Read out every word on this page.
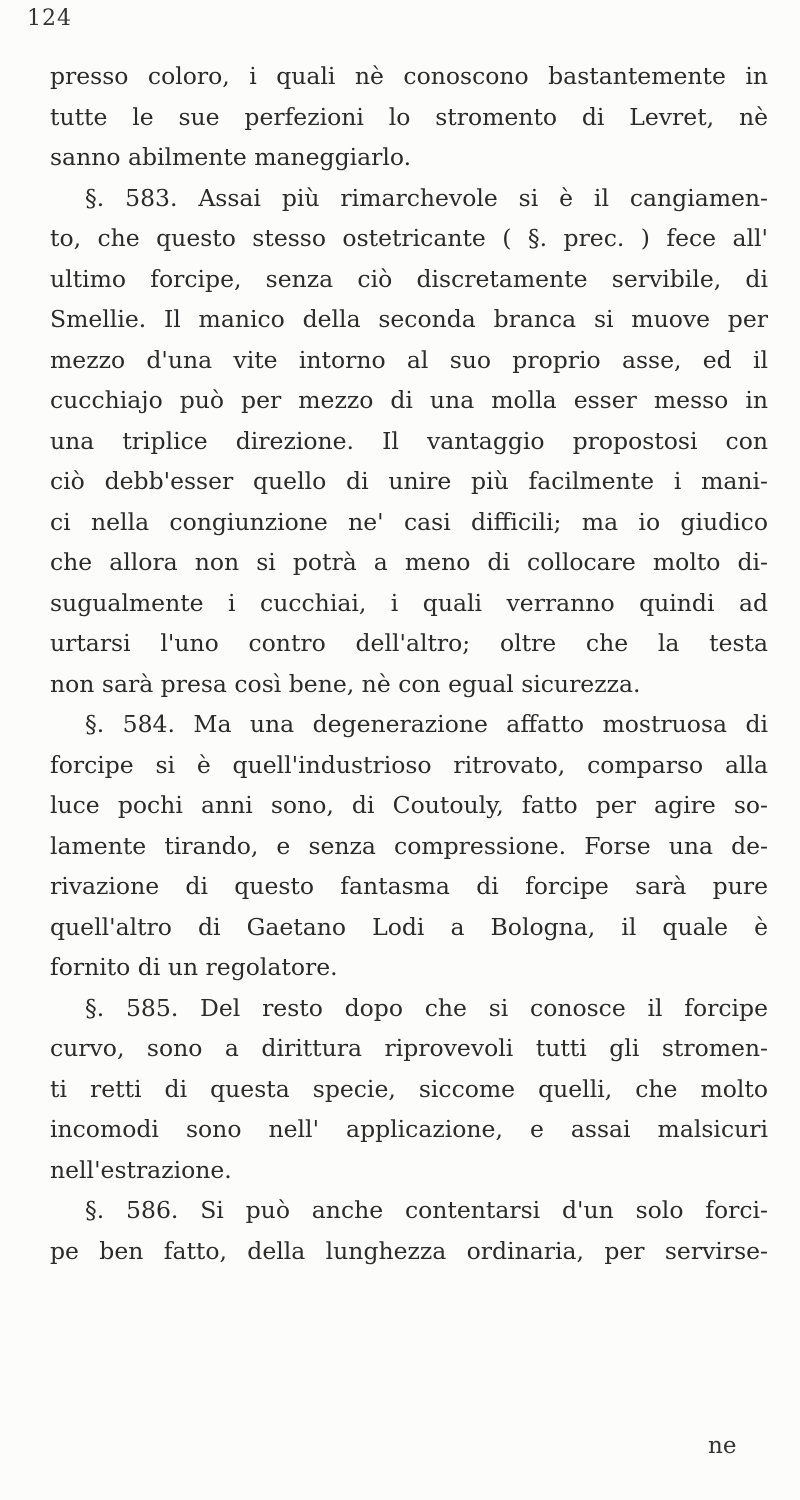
124
presso coloro, i quali nè conoscono bastantemente in
tutte le sue perfezioni lo stromento di Levret, nè
sanno abilmente maneggiarlo.
§. 583. Assai più rimarchevole si è il cangiamen-
to, che questo stesso ostetricante ( §. prec. ) fece all'
ultimo forcipe, senza ciò discretamente servibile, di
Smellie. Il manico della seconda branca si muove per
mezzo d'una vite intorno al suo proprio asse, ed il
cucchiajo può per mezzo di una molla esser messo in
una triplice direzione. Il vantaggio propostosi con
ciò debb'esser quello di unire più facilmente i mani-
ci nella congiunzione ne' casi difficili; ma io giudico
che allora non si potrà a meno di collocare molto di-
sugualmente i cucchiai, i quali verranno quindi ad
urtarsi l'uno contro dell'altro; oltre che la testa
non sarà presa così bene, nè con egual sicurezza.
§. 584. Ma una degenerazione affatto mostruosa di
forcipe si è quell'industrioso ritrovato, comparso alla
luce pochi anni sono, di Coutouly, fatto per agire so-
lamente tirando, e senza compressione. Forse una de-
rivazione di questo fantasma di forcipe sarà pure
quell'altro di Gaetano Lodi a Bologna, il quale è
fornito di un regolatore.
§. 585. Del resto dopo che si conosce il forcipe
curvo, sono a dirittura riprovevoli tutti gli stromen-
ti retti di questa specie, siccome quelli, che molto
incomodi sono nell' applicazione, e assai malsicuri
nell'estrazione.
§. 586. Si può anche contentarsi d'un solo forci-
pe ben fatto, della lunghezza ordinaria, per servirse-
ne
